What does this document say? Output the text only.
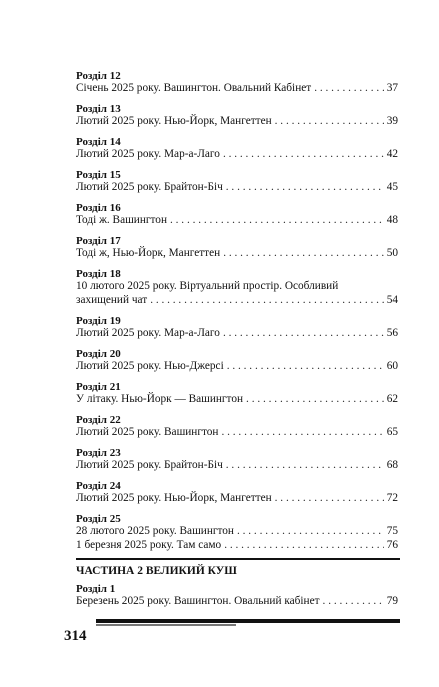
Розділ 12
Січень 2025 року. Вашингтон. Овальний Кабінет . . .	37
Розділ 13
Лютий 2025 року. Нью-Йорк, Мангеттен . . .	39
Розділ 14
Лютий 2025 року. Мар-а-Лаго . . .	42
Розділ 15
Лютий 2025 року. Брайтон-Біч . . .	45
Розділ 16
Тоді ж. Вашингтон . . .	48
Розділ 17
Тоді ж, Нью-Йорк, Мангеттен . . .	50
Розділ 18
10 лютого 2025 року. Віртуальний простір. Особливий
захищений чат . . .	54
Розділ 19
Лютий 2025 року. Мар-а-Лаго . . .	56
Розділ 20
Лютий 2025 року. Нью-Джерсі . . .	60
Розділ 21
У літаку. Нью-Йорк — Вашингтон . . .	62
Розділ 22
Лютий 2025 року. Вашингтон . . .	65
Розділ 23
Лютий 2025 року. Брайтон-Біч . . .	68
Розділ 24
Лютий 2025 року. Нью-Йорк, Мангеттен . . .	72
Розділ 25
28 лютого 2025 року. Вашингтон . . .	75
1 березня 2025 року. Там само . . .	76
ЧАСТИНА 2 ВЕЛИКИЙ КУШ
Розділ 1
Березень 2025 року. Вашингтон. Овальний кабінет . . .	79
314
